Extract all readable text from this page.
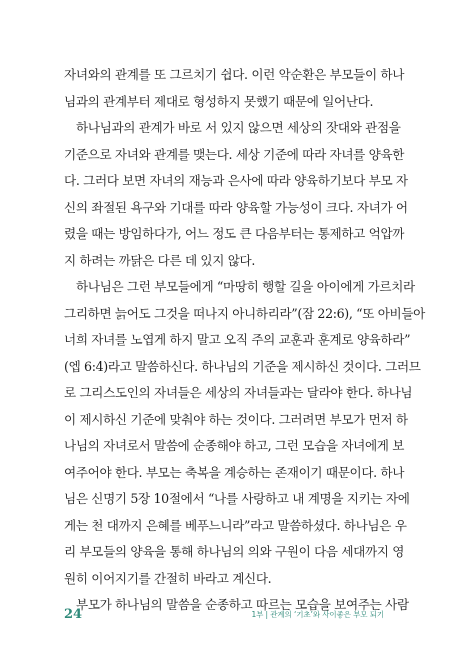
자녀와의 관계를 또 그르치기 쉽다. 이런 악순환은 부모들이 하나
님과의 관계부터 제대로 형성하지 못했기 때문에 일어난다.
하나님과의 관계가 바로 서 있지 않으면 세상의 잣대와 관점을
기준으로 자녀와 관계를 맺는다. 세상 기준에 따라 자녀를 양육한
다. 그러다 보면 자녀의 재능과 은사에 따라 양육하기보다 부모 자
신의 좌절된 욕구와 기대를 따라 양육할 가능성이 크다. 자녀가 어
렸을 때는 방임하다가, 어느 정도 큰 다음부터는 통제하고 억압까
지 하려는 까닭은 다른 데 있지 않다.
하나님은 그런 부모들에게 “마땅히 행할 길을 아이에게 가르치라
그리하면 늙어도 그것을 떠나지 아니하리라”(잠 22:6), “또 아비들아
너희 자녀를 노엽게 하지 말고 오직 주의 교훈과 훈계로 양육하라”
(엡 6:4)라고 말씀하신다. 하나님의 기준을 제시하신 것이다. 그러므
로 그리스도인의 자녀들은 세상의 자녀들과는 달라야 한다. 하나님
이 제시하신 기준에 맞춰야 하는 것이다. 그러려면 부모가 먼저 하
나님의 자녀로서 말씀에 순종해야 하고, 그런 모습을 자녀에게 보
여주어야 한다. 부모는 축복을 계승하는 존재이기 때문이다. 하나
님은 신명기 5장 10절에서 “나를 사랑하고 내 계명을 지키는 자에
게는 천 대까지 은혜를 베푸느니라”라고 말씀하셨다. 하나님은 우
리 부모들의 양육을 통해 하나님의 의와 구원이 다음 세대까지 영
원히 이어지기를 간절히 바라고 계신다.
부모가 하나님의 말씀을 순종하고 따르는 모습을 보여주는 사람
24	1부 | 관계의 ‘기초’와 사이좋은 부모 되기
